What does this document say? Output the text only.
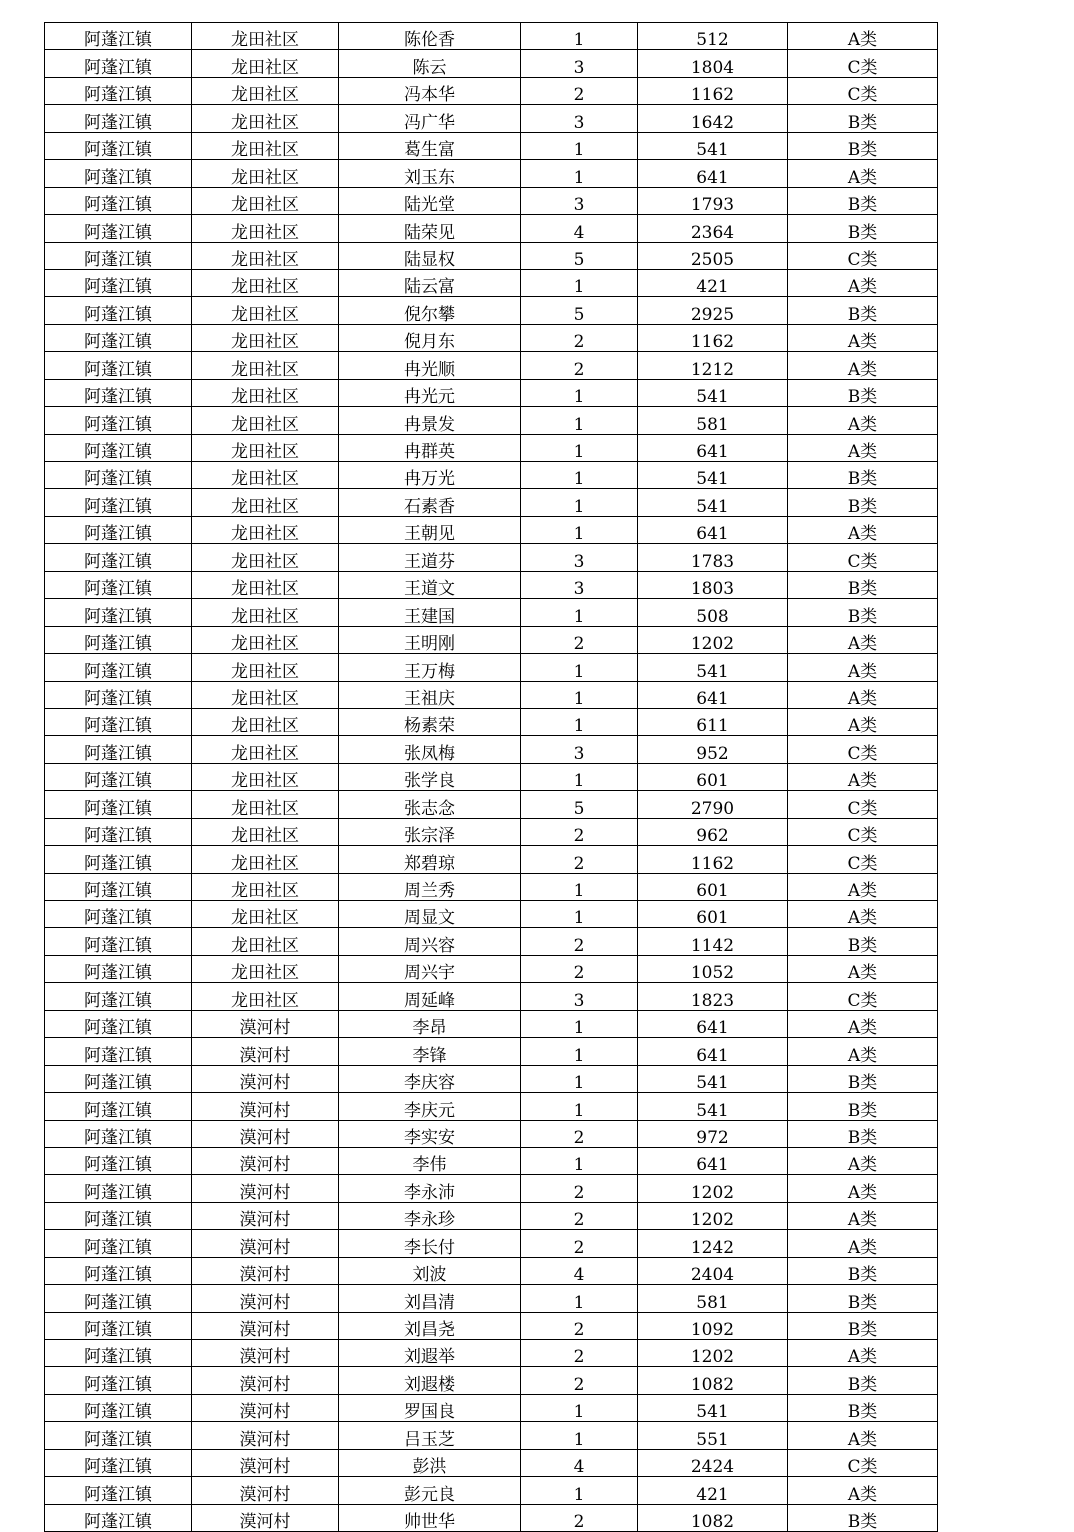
阿蓬江镇	龙田社区	陈伦香	1	512	A类
阿蓬江镇	龙田社区	陈云	3	1804	C类
阿蓬江镇	龙田社区	冯本华	2	1162	C类
阿蓬江镇	龙田社区	冯广华	3	1642	B类
阿蓬江镇	龙田社区	葛生富	1	541	B类
阿蓬江镇	龙田社区	刘玉东	1	641	A类
阿蓬江镇	龙田社区	陆光堂	3	1793	B类
阿蓬江镇	龙田社区	陆荣见	4	2364	B类
阿蓬江镇	龙田社区	陆显权	5	2505	C类
阿蓬江镇	龙田社区	陆云富	1	421	A类
阿蓬江镇	龙田社区	倪尔攀	5	2925	B类
阿蓬江镇	龙田社区	倪月东	2	1162	A类
阿蓬江镇	龙田社区	冉光顺	2	1212	A类
阿蓬江镇	龙田社区	冉光元	1	541	B类
阿蓬江镇	龙田社区	冉景发	1	581	A类
阿蓬江镇	龙田社区	冉群英	1	641	A类
阿蓬江镇	龙田社区	冉万光	1	541	B类
阿蓬江镇	龙田社区	石素香	1	541	B类
阿蓬江镇	龙田社区	王朝见	1	641	A类
阿蓬江镇	龙田社区	王道芬	3	1783	C类
阿蓬江镇	龙田社区	王道文	3	1803	B类
阿蓬江镇	龙田社区	王建国	1	508	B类
阿蓬江镇	龙田社区	王明刚	2	1202	A类
阿蓬江镇	龙田社区	王万梅	1	541	A类
阿蓬江镇	龙田社区	王祖庆	1	641	A类
阿蓬江镇	龙田社区	杨素荣	1	611	A类
阿蓬江镇	龙田社区	张凤梅	3	952	C类
阿蓬江镇	龙田社区	张学良	1	601	A类
阿蓬江镇	龙田社区	张志念	5	2790	C类
阿蓬江镇	龙田社区	张宗泽	2	962	C类
阿蓬江镇	龙田社区	郑碧琼	2	1162	C类
阿蓬江镇	龙田社区	周兰秀	1	601	A类
阿蓬江镇	龙田社区	周显文	1	601	A类
阿蓬江镇	龙田社区	周兴容	2	1142	B类
阿蓬江镇	龙田社区	周兴宇	2	1052	A类
阿蓬江镇	龙田社区	周延峰	3	1823	C类
阿蓬江镇	漠河村	李昂	1	641	A类
阿蓬江镇	漠河村	李锋	1	641	A类
阿蓬江镇	漠河村	李庆容	1	541	B类
阿蓬江镇	漠河村	李庆元	1	541	B类
阿蓬江镇	漠河村	李实安	2	972	B类
阿蓬江镇	漠河村	李伟	1	641	A类
阿蓬江镇	漠河村	李永沛	2	1202	A类
阿蓬江镇	漠河村	李永珍	2	1202	A类
阿蓬江镇	漠河村	李长付	2	1242	A类
阿蓬江镇	漠河村	刘波	4	2404	B类
阿蓬江镇	漠河村	刘昌清	1	581	B类
阿蓬江镇	漠河村	刘昌尧	2	1092	B类
阿蓬江镇	漠河村	刘遐举	2	1202	A类
阿蓬江镇	漠河村	刘遐楼	2	1082	B类
阿蓬江镇	漠河村	罗国良	1	541	B类
阿蓬江镇	漠河村	吕玉芝	1	551	A类
阿蓬江镇	漠河村	彭洪	4	2424	C类
阿蓬江镇	漠河村	彭元良	1	421	A类
阿蓬江镇	漠河村	帅世华	2	1082	B类
